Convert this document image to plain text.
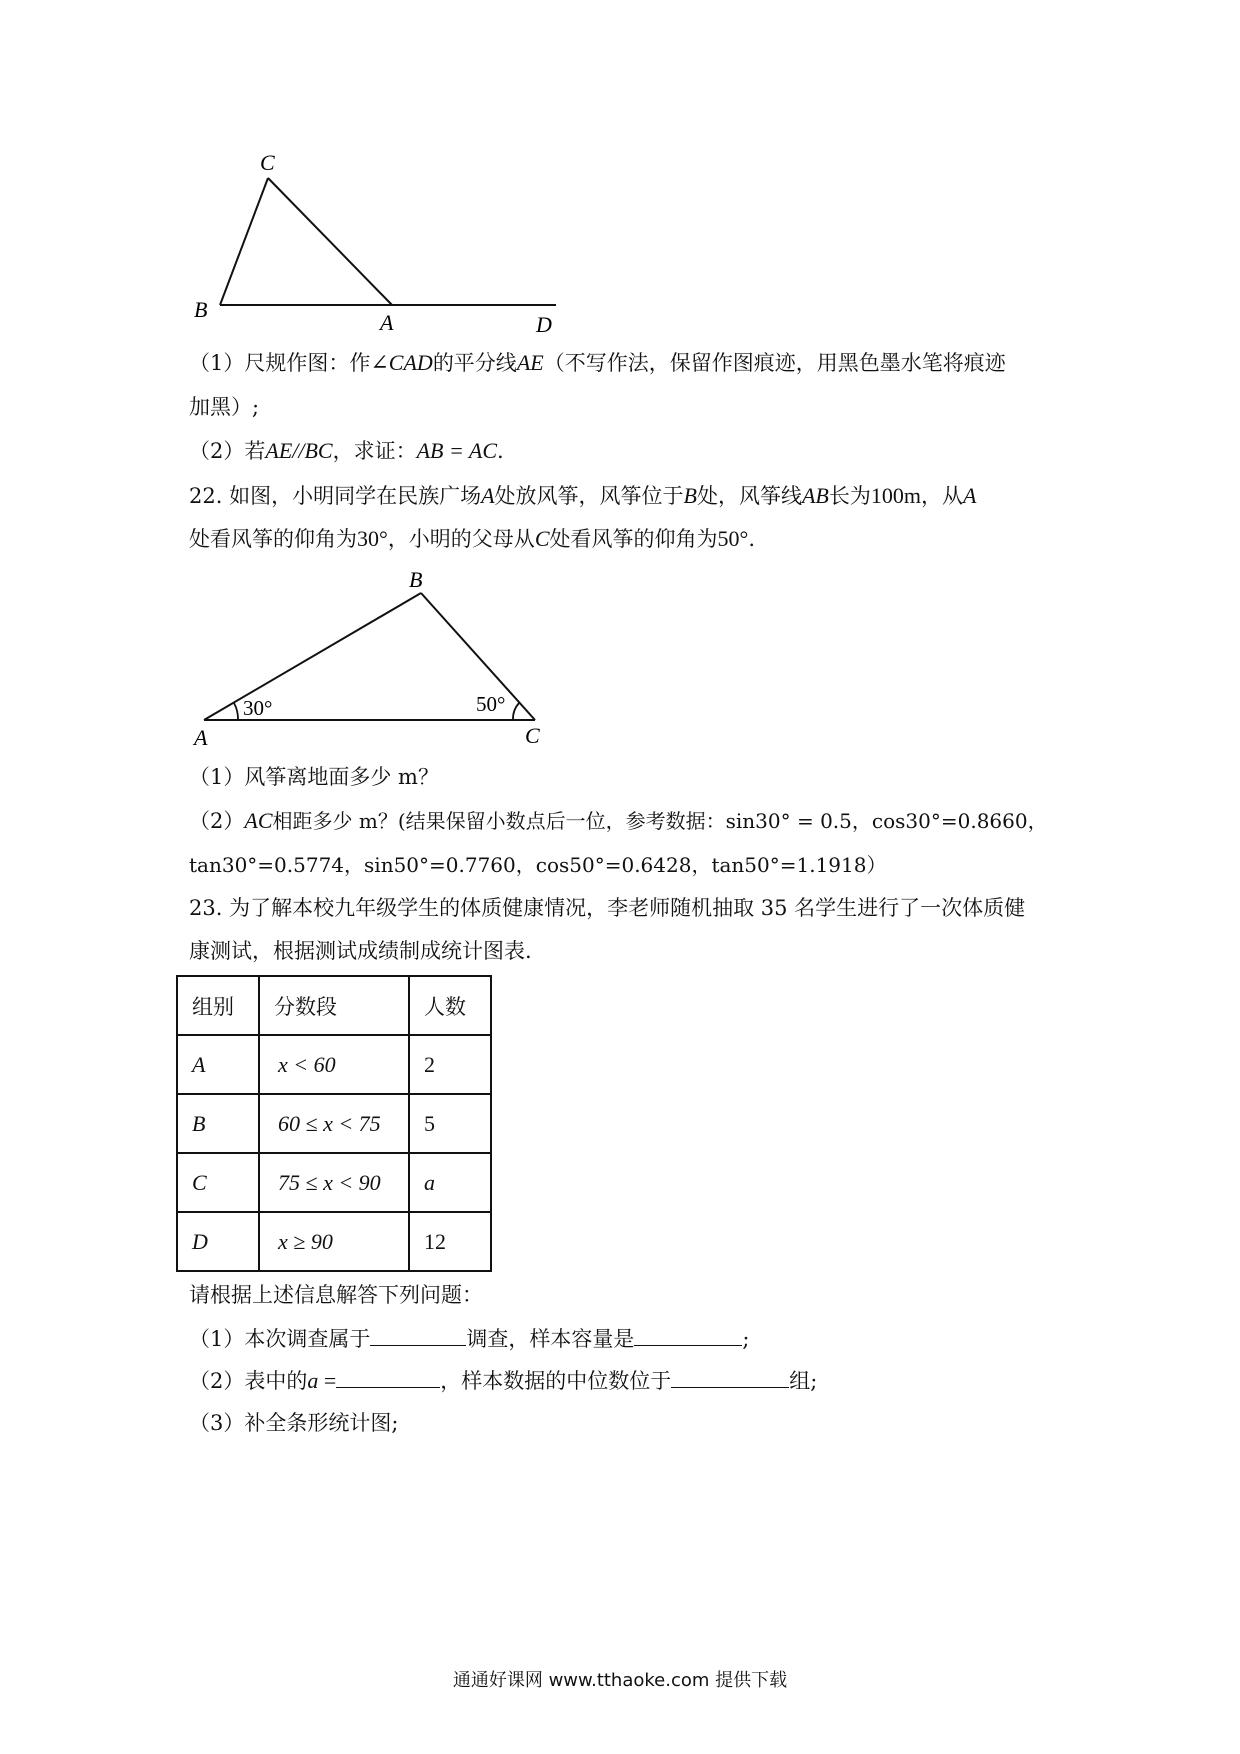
C
B
A	D
（1）尺规作图：作∠CAD的平分线AE（不写作法，保留作图痕迹，用黑色墨水笔将痕迹
加黑）;
（2）若AE//BC，求证：AB = AC.
22. 如图，小明同学在民族广场A处放风筝，风筝位于B处，风筝线AB长为100m，从A
处看风筝的仰角为30°，小明的父母从C处看风筝的仰角为50°.
B
A	C
30°	50°
（1）风筝离地面多少 m？
（2）AC相距多少 m？(结果保留小数点后一位，参考数据：sin30° = 0.5，cos30°=0.8660，
tan30°=0.5774，sin50°=0.7760，cos50°=0.6428，tan50°=1.1918）
23. 为了解本校九年级学生的体质健康情况，李老师随机抽取 35 名学生进行了一次体质健
康测试，根据测试成绩制成统计图表.
组别	分数段	人数
A	x < 60	2
B	60 ≤ x < 75	5
C	75 ≤ x < 90	a
D	x ≥ 90	12
请根据上述信息解答下列问题：
（1）本次调查属于	调查，样本容量是	;
（2）表中的a =	，样本数据的中位数位于	组;
（3）补全条形统计图;
通通好课网 www.tthaoke.com 提供下载
